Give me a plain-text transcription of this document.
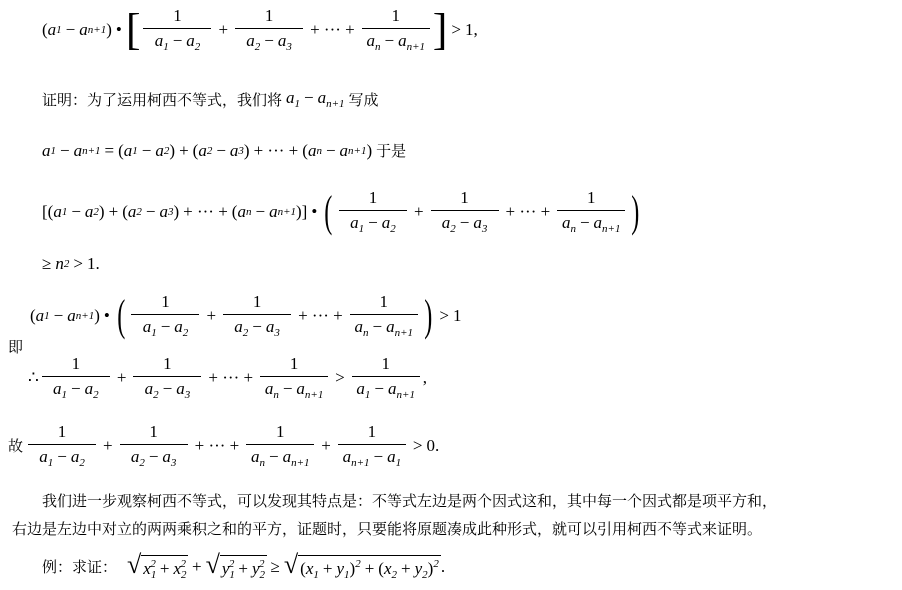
( a 1 − a n+1 ) • [ $\frac{1}{a_1 - a_2} + \frac{1}{a_2 - a_3}$ + ··· + $\frac{1}{a_n - a_{n+1}}$ ] > 1,
证明：为了运用柯西不等式，我们将 $a_1 - a_{n+1}$ 写成
a 1 − a n+1 = ( a 1 − a 2 ) + ( a 2 − a 3 ) + ··· + ( a n − a n+1 ) 于是
[( a 1 − a 2 ) + ( a 2 − a 3 ) + ··· + ( a n − a n+1 )] • ( $\frac{1}{a_1 - a_2} + \frac{1}{a_2 - a_3}$ + ··· + $\frac{1}{a_n - a_{n+1}}$ )
≥ n 2 > 1.
即
( a 1 − a n+1 ) • ( $\frac{1}{a_1 - a_2} + \frac{1}{a_2 - a_3}$ + ··· + $\frac{1}{a_n - a_{n+1}}$ ) > 1
∴ $\frac{1}{a_1 - a_2} + \frac{1}{a_2 - a_3}$ + ··· + $\frac{1}{a_n - a_{n+1}} > \frac{1}{a_1 - a_{n+1}}$ ,
故 $\frac{1}{a_1 - a_2} + \frac{1}{a_2 - a_3}$ + ··· + $\frac{1}{a_n - a_{n+1}} + \frac{1}{a_{n+1} - a_1} > 0$.
我们进一步观察柯西不等式，可以发现其特点是：不等式左边是两个因式这和，其中每一个因式都是项平方和，
右边是左边中对立的两两乘积之和的平方，证题时，只要能将原题凑成此种形式，就可以引用柯西不等式来证明。
例：求证： √ $x_1^2 + x_2^2$ + √ $y_1^2 + y_2^2$ ≥ √ $(x_1 + y_1)^2 + (x_2 + y_2)^2$ .
